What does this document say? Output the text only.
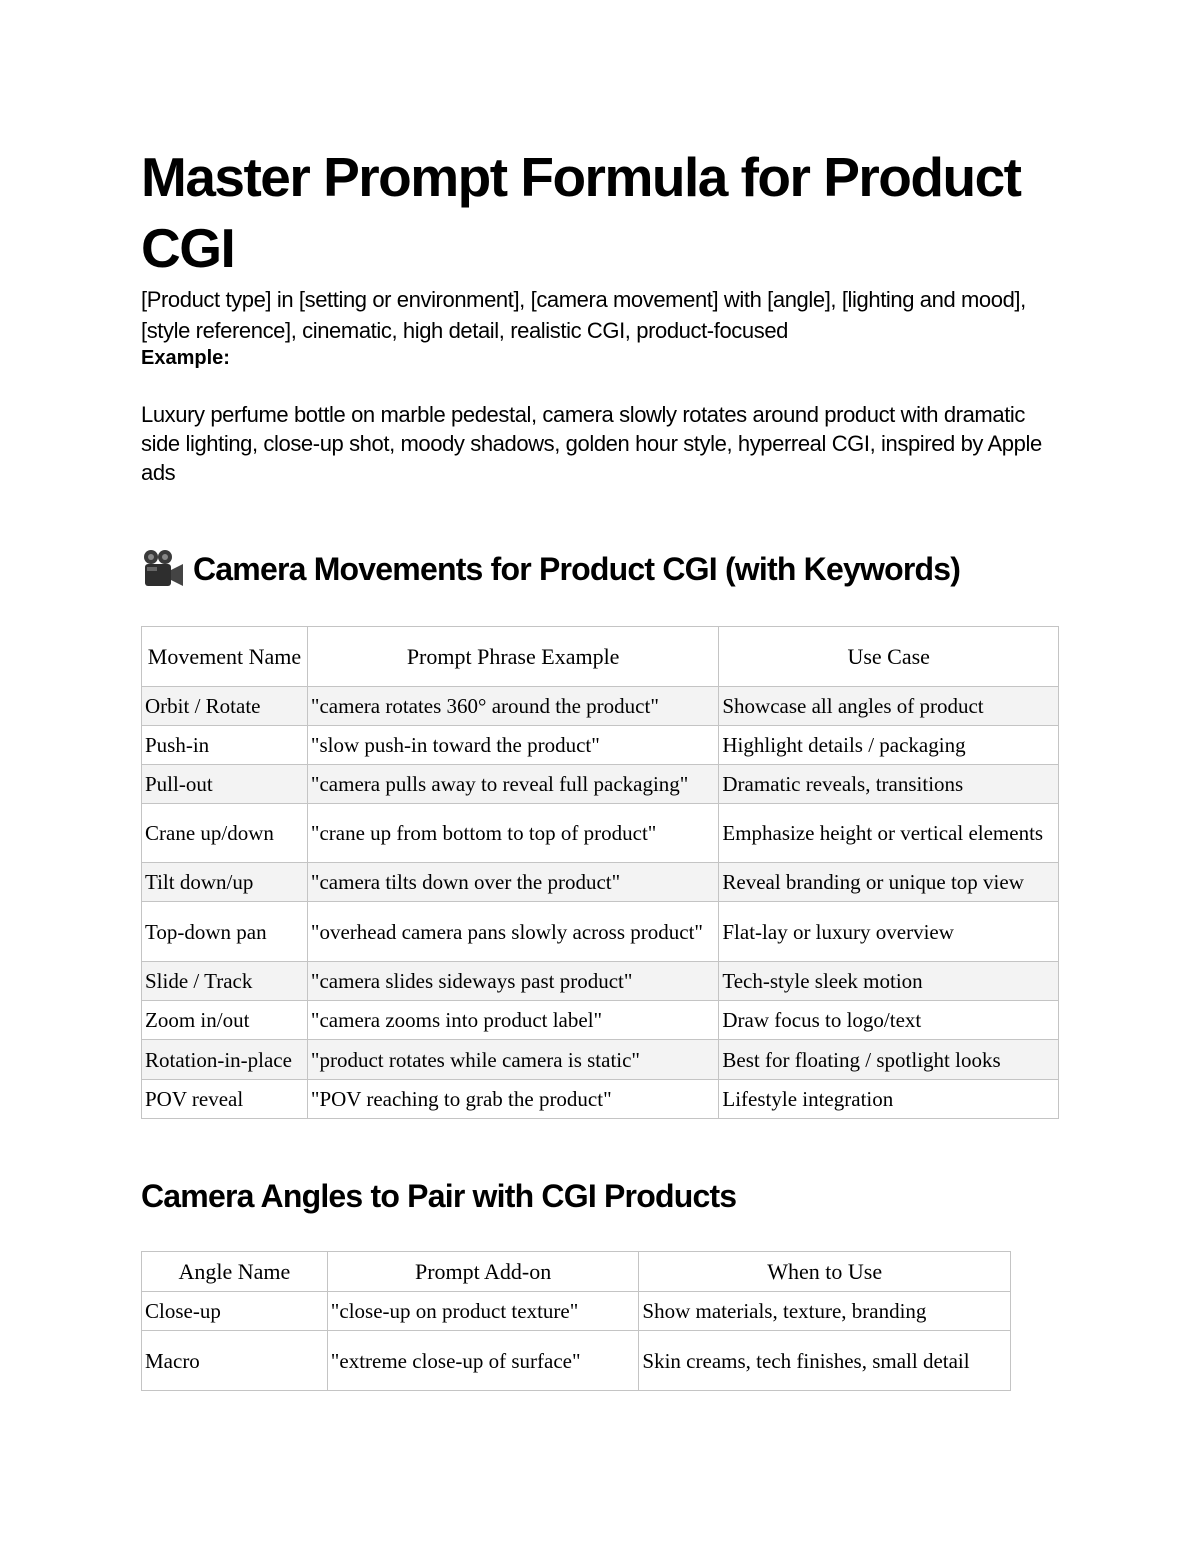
Master Prompt Formula for Product CGI
[Product type] in [setting or environment], [camera movement] with [angle], [lighting and mood], [style reference], cinematic, high detail, realistic CGI, product-focused
Example:
Luxury perfume bottle on marble pedestal, camera slowly rotates around product with dramatic side lighting, close-up shot, moody shadows, golden hour style, hyperreal CGI, inspired by Apple ads
Camera Movements for Product CGI (with Keywords)
Movement Name	Prompt Phrase Example	Use Case

Orbit / Rotate	"camera rotates 360° around the product"	Showcase all angles of product

Push-in	"slow push-in toward the product"	Highlight details / packaging

Pull-out	"camera pulls away to reveal full packaging"	Dramatic reveals, transitions

Crane up/down	"crane up from bottom to top of product"	Emphasize height or vertical elements

Tilt down/up	"camera tilts down over the product"	Reveal branding or unique top view

Top-down pan	"overhead camera pans slowly across product"	Flat-lay or luxury overview

Slide / Track	"camera slides sideways past product"	Tech-style sleek motion

Zoom in/out	"camera zooms into product label"	Draw focus to logo/text

Rotation-in-place	"product rotates while camera is static"	Best for floating / spotlight looks

POV reveal	"POV reaching to grab the product"	Lifestyle integration
Camera Angles to Pair with CGI Products
Angle Name	Prompt Add-on	When to Use

Close-up	"close-up on product texture"	Show materials, texture, branding

Macro	"extreme close-up of surface"	Skin creams, tech finishes, small detail
